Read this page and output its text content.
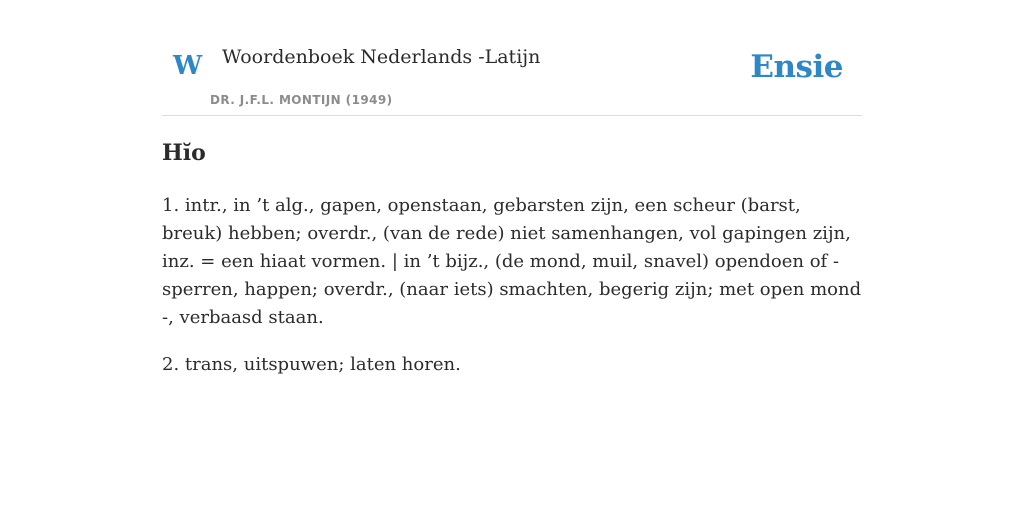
W Woordenboek Nederlands -Latijn
DR. J.F.L. MONTIJN (1949)
Ensie
Hĭo

1. intr., in ’t alg., gapen, openstaan, gebarsten zijn, een scheur (barst, breuk) hebben; overdr., (van de rede) niet samenhangen, vol gapingen zijn, inz. = een hiaat vormen. | in ’t bijz., (de mond, muil, snavel) opendoen of -sperren, happen; overdr., (naar iets) smachten, begerig zijn; met open mond -, verbaasd staan.

2. trans, uitspuwen; laten horen.
